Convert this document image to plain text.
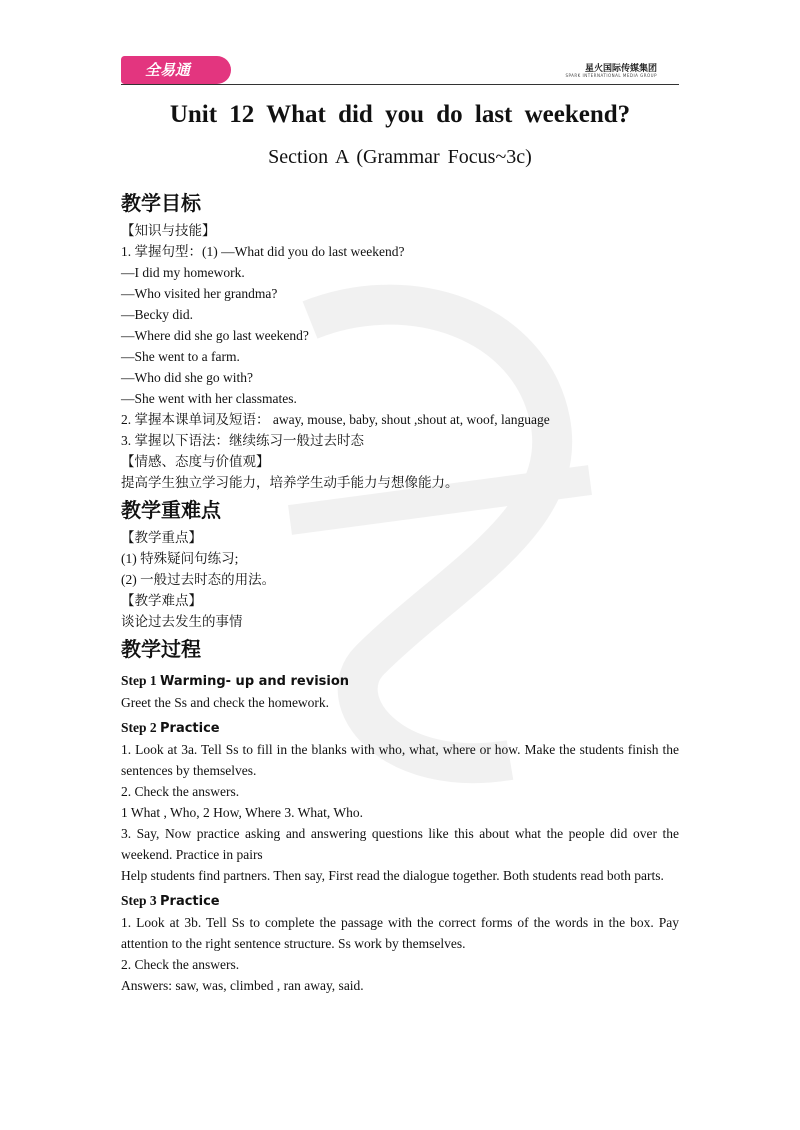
全易通	星火国际传媒集团
SPARK INTERNATIONAL MEDIA GROUP
Unit 12 What did you do last weekend?
Section A (Grammar Focus~3c)
教学目标
【知识与技能】
1. 掌握句型：(1) —What did you do last weekend?
—I did my homework.
—Who visited her grandma?
—Becky did.
—Where did she go last weekend?
—She went to a farm.
—Who did she go with?
—She went with her classmates.
2. 掌握本课单词及短语： away, mouse, baby, shout ,shout at, woof, language
3. 掌握以下语法：继续练习一般过去时态
【情感、态度与价值观】
提高学生独立学习能力，培养学生动手能力与想像能力。
教学重难点
【教学重点】
(1) 特殊疑问句练习;
(2) 一般过去时态的用法。
【教学难点】
谈论过去发生的事情
教学过程
Step 1 Warming- up and revision
Greet the Ss and check the homework.
Step 2 Practice
1. Look at 3a. Tell Ss to fill in the blanks with who, what, where or how. Make the students finish the sentences by themselves.
2. Check the answers.
1 What , Who, 2 How, Where 3. What, Who.
3. Say, Now practice asking and answering questions like this about what the people did over the weekend. Practice in pairs
Help students find partners. Then say, First read the dialogue together. Both students read both parts.
Step 3 Practice
1. Look at 3b. Tell Ss to complete the passage with the correct forms of the words in the box. Pay attention to the right sentence structure. Ss work by themselves.
2. Check the answers.
Answers: saw, was, climbed , ran away, said.
